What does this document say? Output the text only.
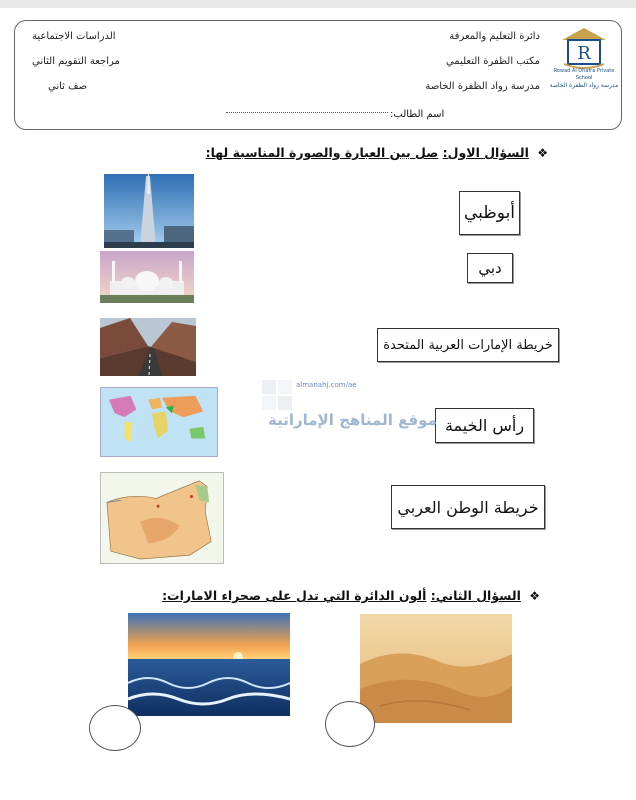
R
Rowad Al Dhafra Private School
مدرسة رواد الظفرة الخاصة
دائرة التعليم والمعرفة
مكتب الظفرة التعليمي
مدرسة رواد الظفرة الخاصة
الدراسات الاجتماعية
مراجعة التقويم الثاني
صف ثاني
اسم الطالب:
❖ السؤال الاول: صل بين العبارة والصورة المناسبة لها:
أبوظبي
دبي
خريطة الإمارات العربية المتحدة
رأس الخيمة
خريطة الوطن العربي
almanahj.com/ae
موقع المناهج الإماراتية
❖ السؤال الثاني: ألون الدائرة التي تدل على صحراء الامارات:
